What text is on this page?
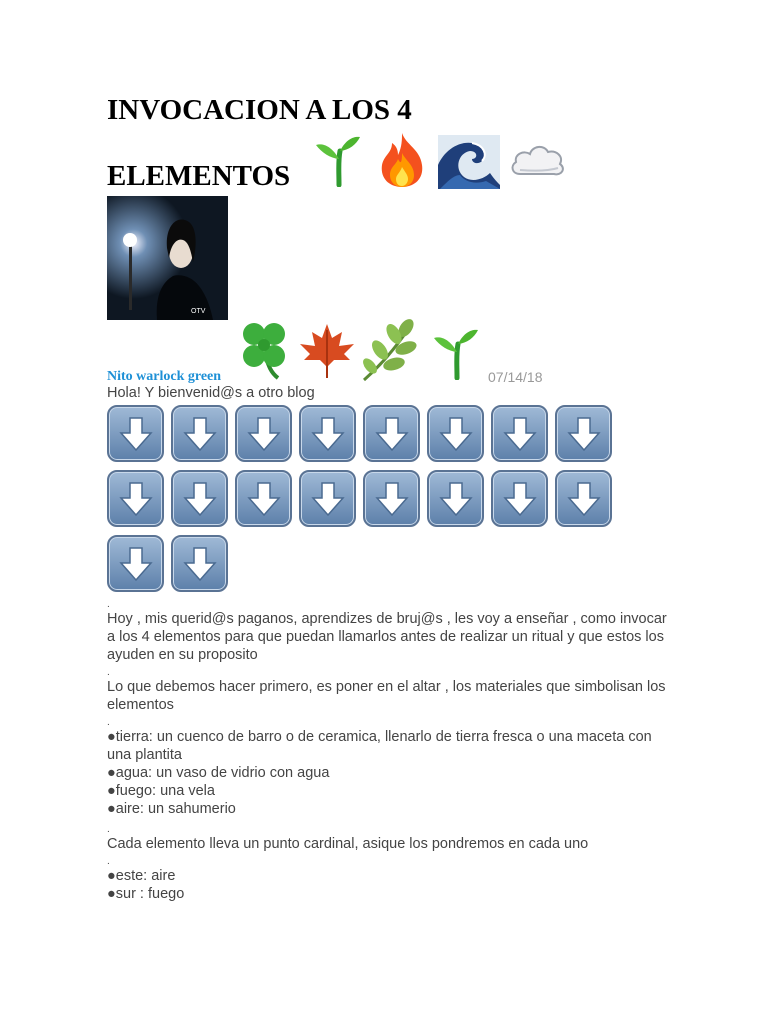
INVOCACION A LOS 4
ELEMENTOS
OTV
Nito warlock green	07/14/18
Hola! Y bienvenid@s a otro blog

.

Hoy , mis querid@s paganos, aprendizes de bruj@s , les voy a enseñar , como invocar a los 4 elementos para que puedan llamarlos antes de realizar un ritual y que estos los ayuden en su proposito

.

Lo que debemos hacer primero, es poner en el altar , los materiales que simbolisan los elementos

.

●tierra: un cuenco de barro o de ceramica, llenarlo de tierra fresca o una maceta con una plantita

●agua: un vaso de vidrio con agua

●fuego: una vela

●aire: un sahumerio

.

Cada elemento lleva un punto cardinal, asique los pondremos en cada uno

.

●este: aire

●sur : fuego
